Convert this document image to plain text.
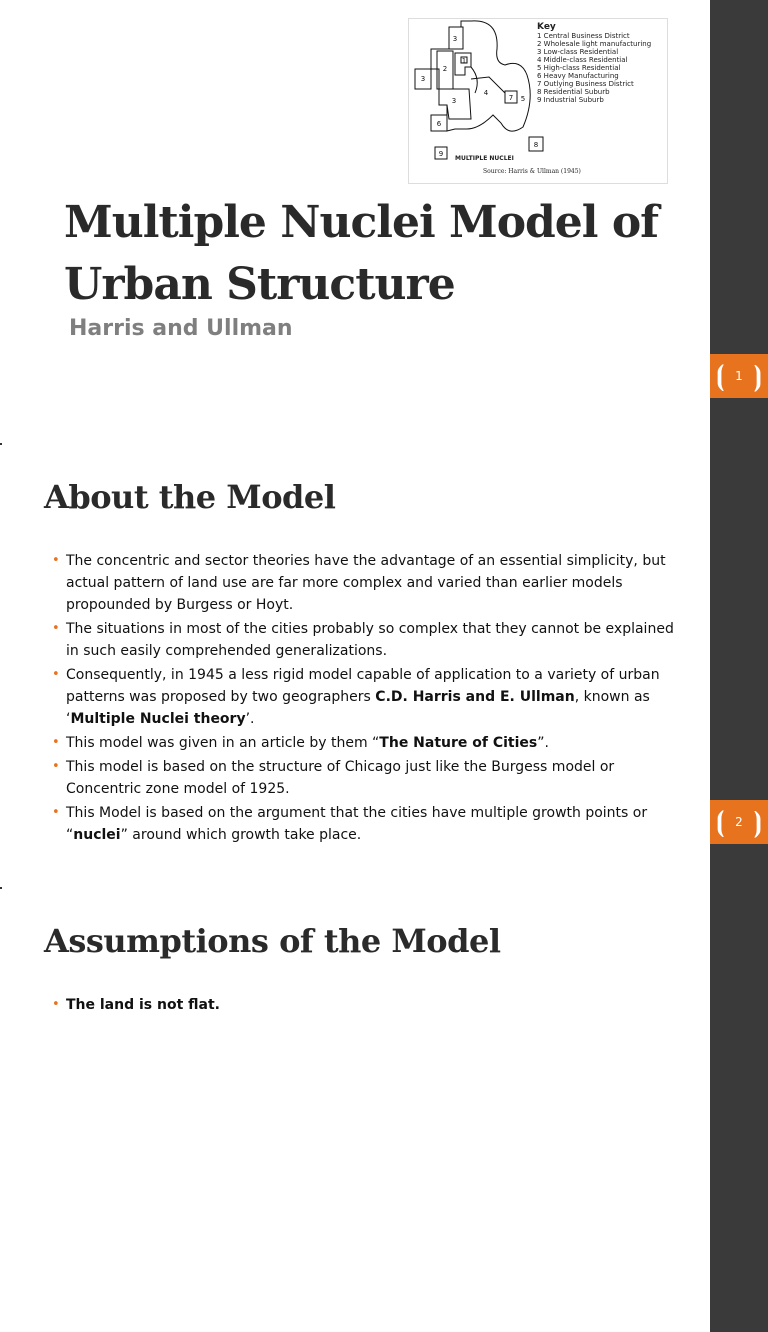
3
1
2
3
4
7 5
3
6
8
9
Key
1 Central Business District
2 Wholesale light manufacturing
3 Low-class Residential
4 Middle-class Residential
5 High-class Residential
6 Heavy Manufacturing
7 Outlying Business District
8 Residential Suburb
9 Industrial Suburb
MULTIPLE NUCLEI
Source: Harris & Ullman (1945)
Multiple Nuclei Model of Urban Structure
Harris and Ullman
⦗ 1 ⦘
About the Model
• The concentric and sector theories have the advantage of an essential simplicity, but actual pattern of land use are far more complex and varied than earlier models propounded by Burgess or Hoyt.
• The situations in most of the cities probably so complex that they cannot be explained in such easily comprehended generalizations.
• Consequently, in 1945 a less rigid model capable of application to a variety of urban patterns was proposed by two geographers C.D. Harris and E. Ullman, known as ‘Multiple Nuclei theory’.
• This model was given in an article by them “The Nature of Cities”.
• This model is based on the structure of Chicago just like the Burgess model or Concentric zone model of 1925.
• This Model is based on the argument that the cities have multiple growth points or “nuclei” around which growth take place.	⦗ 2 ⦘
Assumptions of the Model
• The land is not flat.
